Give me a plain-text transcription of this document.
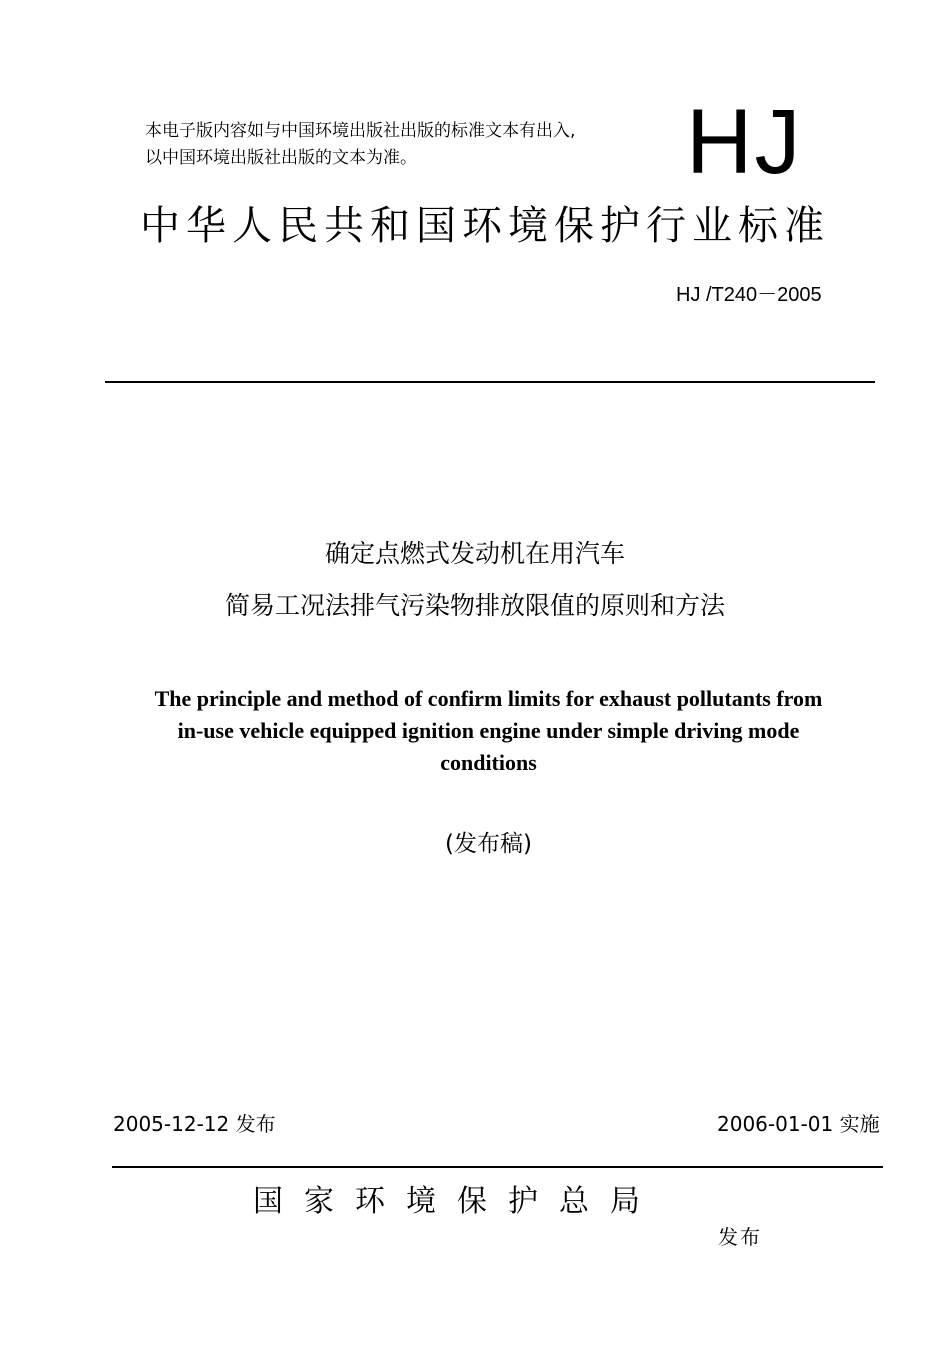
本电子版内容如与中国环境出版社出版的标准文本有出入,
以中国环境出版社出版的文本为准。	HJ
中华人民共和国环境保护行业标准
HJ /T240－2005
确定点燃式发动机在用汽车
简易工况法排气污染物排放限值的原则和方法
The principle and method of confirm limits for exhaust pollutants from
in-use vehicle equipped ignition engine under simple driving mode
conditions
(发布稿)
2005-12-12 发布	2006-01-01 实施
国家环境保护总局
发布
